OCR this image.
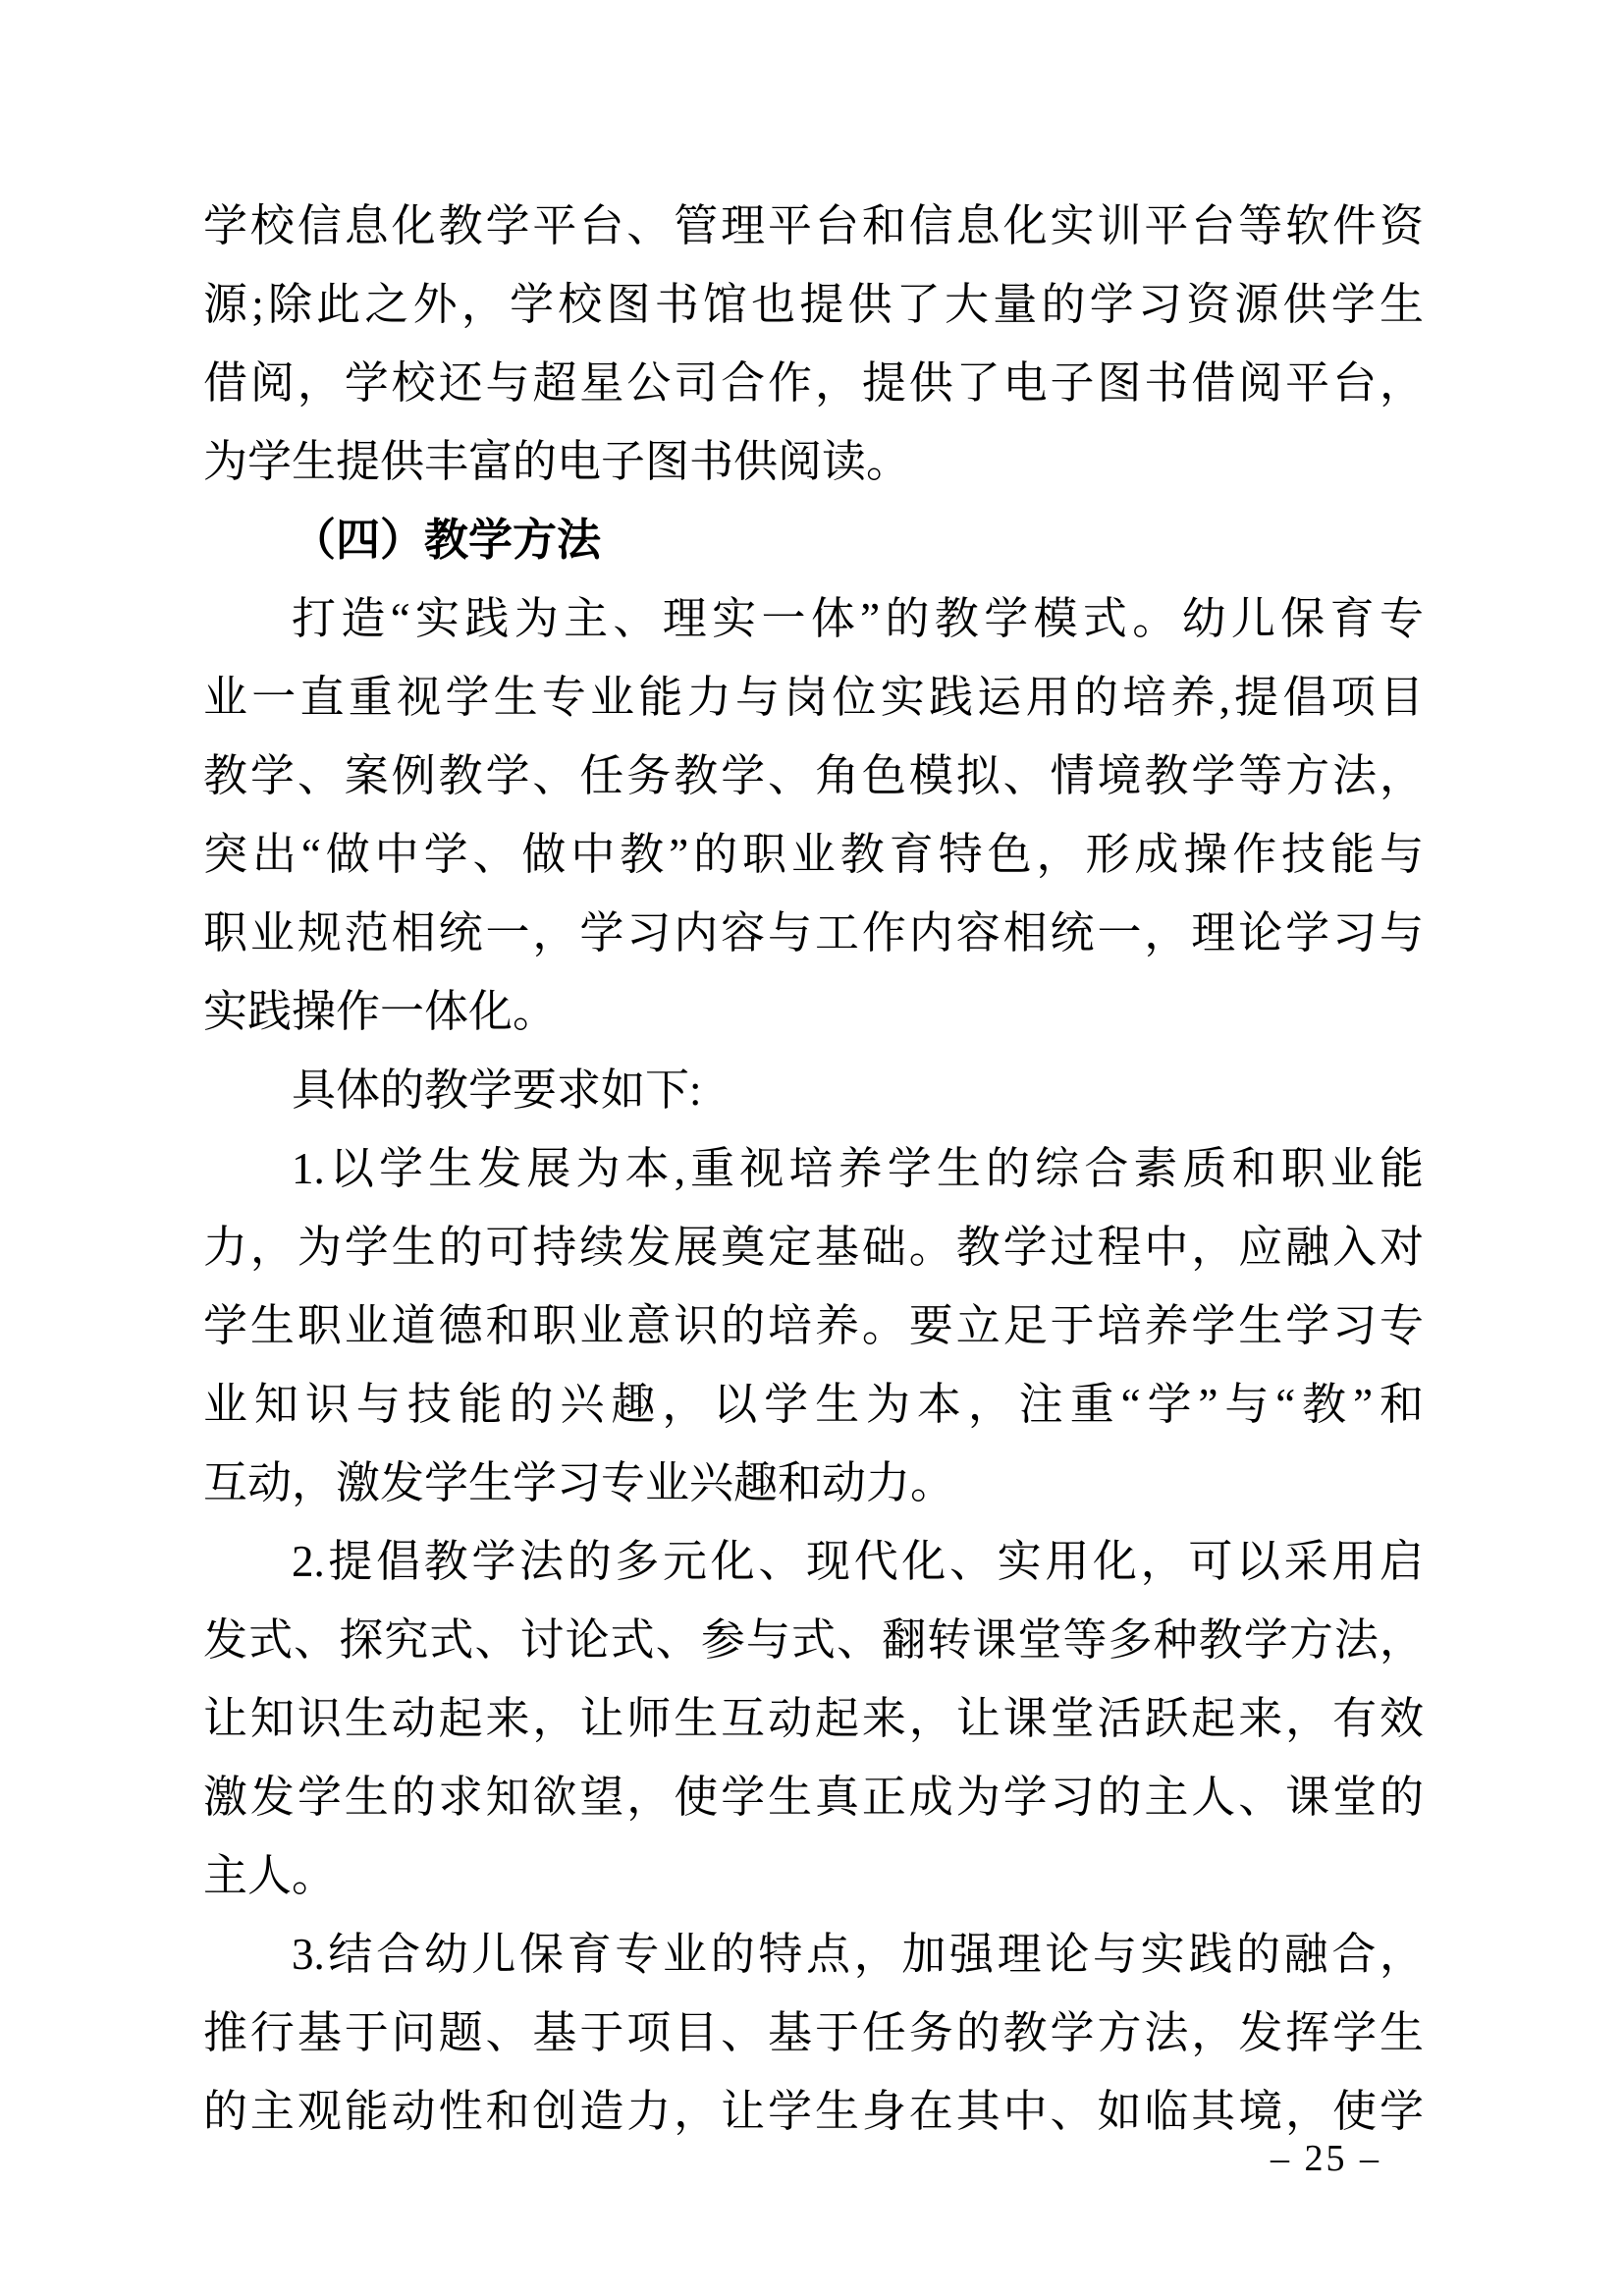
学校信息化教学平台、管理平台和信息化实训平台等软件资
源;除此之外，学校图书馆也提供了大量的学习资源供学生
借阅，学校还与超星公司合作，提供了电子图书借阅平台，
为学生提供丰富的电子图书供阅读。
（四）教学方法
打造“实践为主、理实一体”的教学模式。幼儿保育专
业一直重视学生专业能力与岗位实践运用的培养,提倡项目
教学、案例教学、任务教学、角色模拟、情境教学等方法，
突出“做中学、做中教”的职业教育特色，形成操作技能与
职业规范相统一，学习内容与工作内容相统一，理论学习与
实践操作一体化。
具体的教学要求如下:
1.以学生发展为本,重视培养学生的综合素质和职业能
力，为学生的可持续发展奠定基础。教学过程中，应融入对
学生职业道德和职业意识的培养。要立足于培养学生学习专
业知识与技能的兴趣，以学生为本，注重“学”与“教”和
互动，激发学生学习专业兴趣和动力。
2.提倡教学法的多元化、现代化、实用化，可以采用启
发式、探究式、讨论式、参与式、翻转课堂等多种教学方法，
让知识生动起来，让师生互动起来，让课堂活跃起来，有效
激发学生的求知欲望，使学生真正成为学习的主人、课堂的
主人。
3.结合幼儿保育专业的特点，加强理论与实践的融合，
推行基于问题、基于项目、基于任务的教学方法，发挥学生
的主观能动性和创造力，让学生身在其中、如临其境，使学
– 25 –
